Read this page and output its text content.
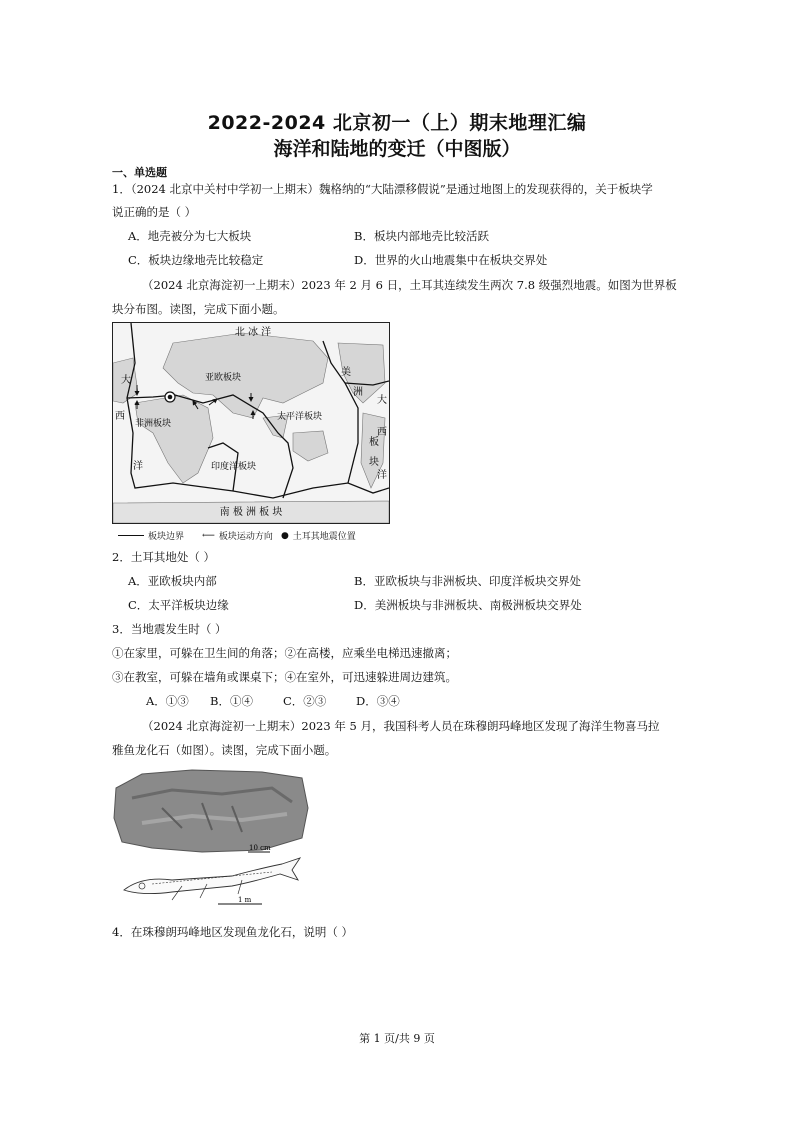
2022-2024 北京初一（上）期末地理汇编
海洋和陆地的变迁（中图版）
一、单选题
1．（2024 北京中关村中学初一上期末）魏格纳的“大陆漂移假说”是通过地图上的发现获得的，关于板块学
说正确的是（ ）
A．地壳被分为七大板块	B．板块内部地壳比较活跃
C．板块边缘地壳比较稳定	D．世界的火山地震集中在板块交界处
（2024 北京海淀初一上期末）2023 年 2 月 6 日，土耳其连续发生两次 7.8 级强烈地震。如图为世界板
块分布图。读图，完成下面小题。
北 冰 洋
亚欧板块
非洲板块
太平洋板块
印度洋板块
南 极 洲 板 块
美
洲
板
块
大
西
洋
大
西
洋
板块边界 ⟵ 板块运动方向 ● 土耳其地震位置
2．土耳其地处（ ）
A．亚欧板块内部	B．亚欧板块与非洲板块、印度洋板块交界处
C．太平洋板块边缘	D．美洲板块与非洲板块、南极洲板块交界处
3．当地震发生时（ ）
①在家里，可躲在卫生间的角落；②在高楼，应乘坐电梯迅速撤离；
③在教室，可躲在墙角或课桌下；④在室外，可迅速躲进周边建筑。
A．①③ B．①④	C．②③	D．③④
（2024 北京海淀初一上期末）2023 年 5 月，我国科考人员在珠穆朗玛峰地区发现了海洋生物喜马拉
雅鱼龙化石（如图）。读图，完成下面小题。
10 cm
1 m
4．在珠穆朗玛峰地区发现鱼龙化石，说明（ ）
第 1 页/共 9 页
